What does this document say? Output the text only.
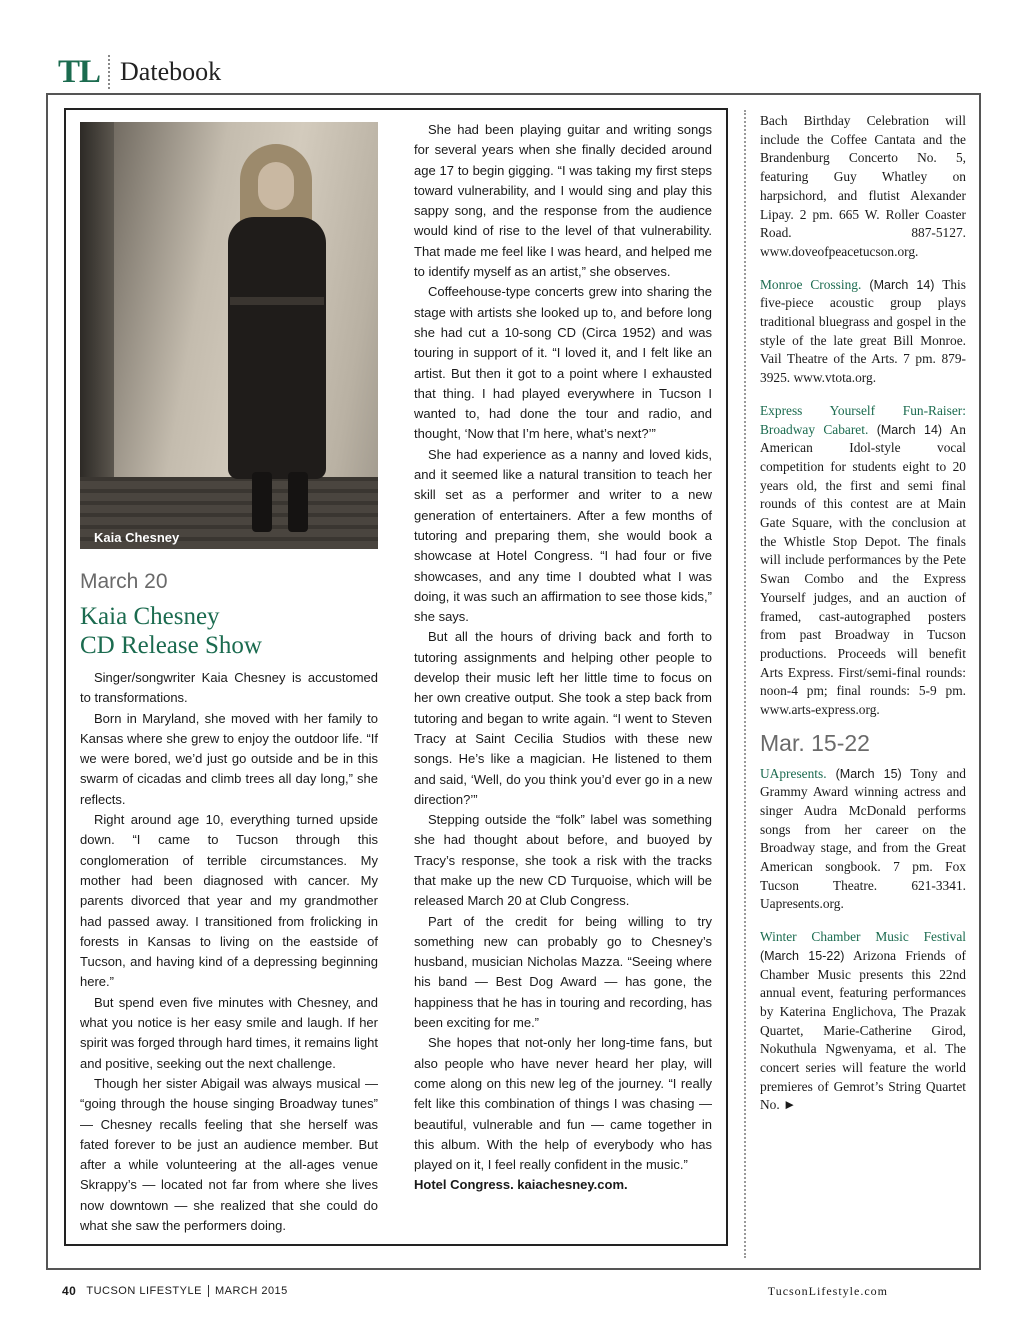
TL Datebook
Kaia Chesney
March 20
Kaia Chesney
CD Release Show

Singer/songwriter Kaia Chesney is accustomed to transformations.

Born in Maryland, she moved with her family to Kansas where she grew to enjoy the outdoor life. “If we were bored, we’d just go outside and be in this swarm of cicadas and climb trees all day long,” she reflects.

Right around age 10, everything turned upside down. “I came to Tucson through this conglomeration of terrible circumstances. My mother had been diagnosed with cancer. My parents divorced that year and my grandmother had passed away. I transitioned from frolicking in forests in Kansas to living on the eastside of Tucson, and having kind of a depressing beginning here.”

But spend even five minutes with Chesney, and what you notice is her easy smile and laugh. If her spirit was forged through hard times, it remains light and positive, seeking out the next challenge.

Though her sister Abigail was always musical — “going through the house singing Broadway tunes” — Chesney recalls feeling that she herself was fated forever to be just an audience member. But after a while volunteering at the all-ages venue Skrappy’s — located not far from where she lives now downtown — she realized that she could do what she saw the performers doing.

She had been playing guitar and writing songs for several years when she finally decided around age 17 to begin gigging. “I was taking my first steps toward vulnerability, and I would sing and play this sappy song, and the response from the audience would kind of rise to the level of that vulnerability. That made me feel like I was heard, and helped me to identify myself as an artist,” she observes.

Coffeehouse-type concerts grew into sharing the stage with artists she looked up to, and before long she had cut a 10-song CD (Circa 1952) and was touring in support of it. “I loved it, and I felt like an artist. But then it got to a point where I exhausted that thing. I had played everywhere in Tucson I wanted to, had done the tour and radio, and thought, ‘Now that I’m here, what’s next?’”

She had experience as a nanny and loved kids, and it seemed like a natural transition to teach her skill set as a performer and writer to a new generation of entertainers. After a few months of tutoring and preparing them, she would book a showcase at Hotel Congress. “I had four or five showcases, and any time I doubted what I was doing, it was such an affirmation to see those kids,” she says.

But all the hours of driving back and forth to tutoring assignments and helping other people to develop their music left her little time to focus on her own creative output. She took a step back from tutoring and began to write again. “I went to Steven Tracy at Saint Cecilia Studios with these new songs. He’s like a magician. He listened to them and said, ‘Well, do you think you’d ever go in a new direction?’”

Stepping outside the “folk” label was something she had thought about before, and buoyed by Tracy’s response, she took a risk with the tracks that make up the new CD Turquoise, which will be released March 20 at Club Congress.

Part of the credit for being willing to try something new can probably go to Chesney’s husband, musician Nicholas Mazza. “Seeing where his band — Best Dog Award — has gone, the happiness that he has in touring and recording, has been exciting for me.”

She hopes that not-only her long-time fans, but also people who have never heard her play, will come along on this new leg of the journey. “I really felt like this combination of things I was chasing — beautiful, vulnerable and fun — came together in this album. With the help of everybody who has played on it, I feel really confident in the music.”

Hotel Congress. kaiachesney.com.

Bach Birthday Celebration will include the Coffee Cantata and the Brandenburg Concerto No. 5, featuring Guy Whatley on harpsichord, and flutist Alexander Lipay. 2 pm. 665 W. Roller Coaster Road. 887-5127. www.doveofpeacetucson.org.

Monroe Crossing. (March 14) This five-piece acoustic group plays traditional bluegrass and gospel in the style of the late great Bill Monroe. Vail Theatre of the Arts. 7 pm. 879-3925. www.vtota.org.

Express Yourself Fun-Raiser: Broadway Cabaret. (March 14) An American Idol-style vocal competition for students eight to 20 years old, the first and semi final rounds of this contest are at Main Gate Square, with the conclusion at the Whistle Stop Depot. The finals will include performances by the Pete Swan Combo and the Express Yourself judges, and an auction of framed, cast-autographed posters from past Broadway in Tucson productions. Proceeds will benefit Arts Express. First/semi-final rounds: noon-4 pm; final rounds: 5-9 pm. www.arts-express.org.

Mar. 15-22

UApresents. (March 15) Tony and Grammy Award winning actress and singer Audra McDonald performs songs from her career on the Broadway stage, and from the Great American songbook. 7 pm. Fox Tucson Theatre. 621-3341. Uapresents.org.

Winter Chamber Music Festival (March 15-22) Arizona Friends of Chamber Music presents this 22nd annual event, featuring performances by Katerina Englichova, The Prazak Quartet, Marie-Catherine Girod, Nokuthula Ngwenyama, et al. The concert series will feature the world premieres of Gemrot’s String Quartet No. ►

40 TUCSON LIFESTYLE MARCH 2015	TucsonLifestyle.com
